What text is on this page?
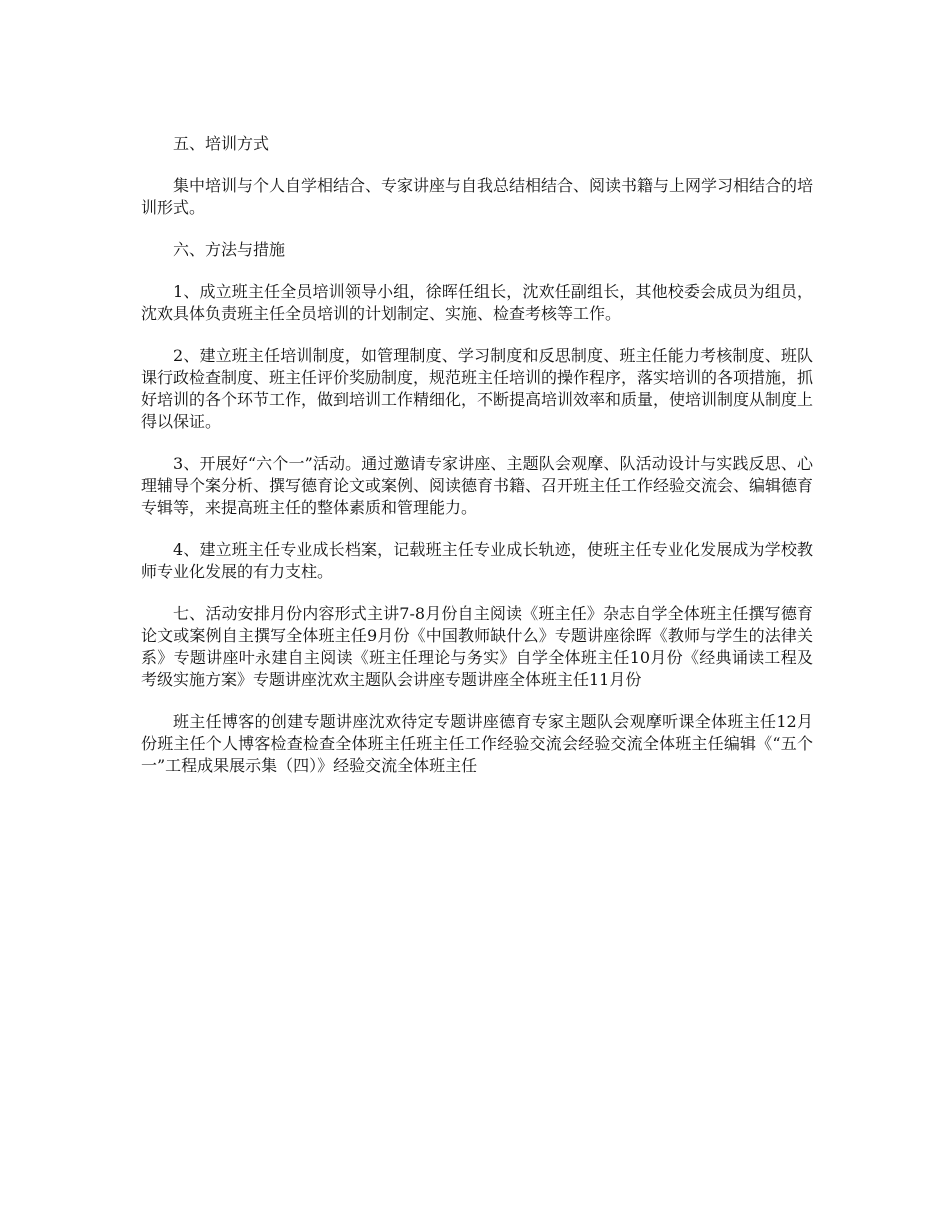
五、培训方式

集中培训与个人自学相结合、专家讲座与自我总结相结合、阅读书籍与上网学习相结合的培训形式。

六、方法与措施

1、成立班主任全员培训领导小组，徐晖任组长，沈欢任副组长，其他校委会成员为组员，沈欢具体负责班主任全员培训的计划制定、实施、检查考核等工作。

2、建立班主任培训制度，如管理制度、学习制度和反思制度、班主任能力考核制度、班队课行政检查制度、班主任评价奖励制度，规范班主任培训的操作程序，落实培训的各项措施，抓好培训的各个环节工作，做到培训工作精细化，不断提高培训效率和质量，使培训制度从制度上得以保证。

3、开展好“六个一”活动。通过邀请专家讲座、主题队会观摩、队活动设计与实践反思、心理辅导个案分析、撰写德育论文或案例、阅读德育书籍、召开班主任工作经验交流会、编辑德育专辑等，来提高班主任的整体素质和管理能力。

4、建立班主任专业成长档案，记载班主任专业成长轨迹，使班主任专业化发展成为学校教师专业化发展的有力支柱。

七、活动安排月份内容形式主讲7-8月份自主阅读《班主任》杂志自学全体班主任撰写德育论文或案例自主撰写全体班主任9月份《中国教师缺什么》专题讲座徐晖《教师与学生的法律关系》专题讲座叶永建自主阅读《班主任理论与务实》自学全体班主任10月份《经典诵读工程及考级实施方案》专题讲座沈欢主题队会讲座专题讲座全体班主任11月份

班主任博客的创建专题讲座沈欢待定专题讲座德育专家主题队会观摩听课全体班主任12月份班主任个人博客检查检查全体班主任班主任工作经验交流会经验交流全体班主任编辑《“五个一”工程成果展示集（四）》经验交流全体班主任
